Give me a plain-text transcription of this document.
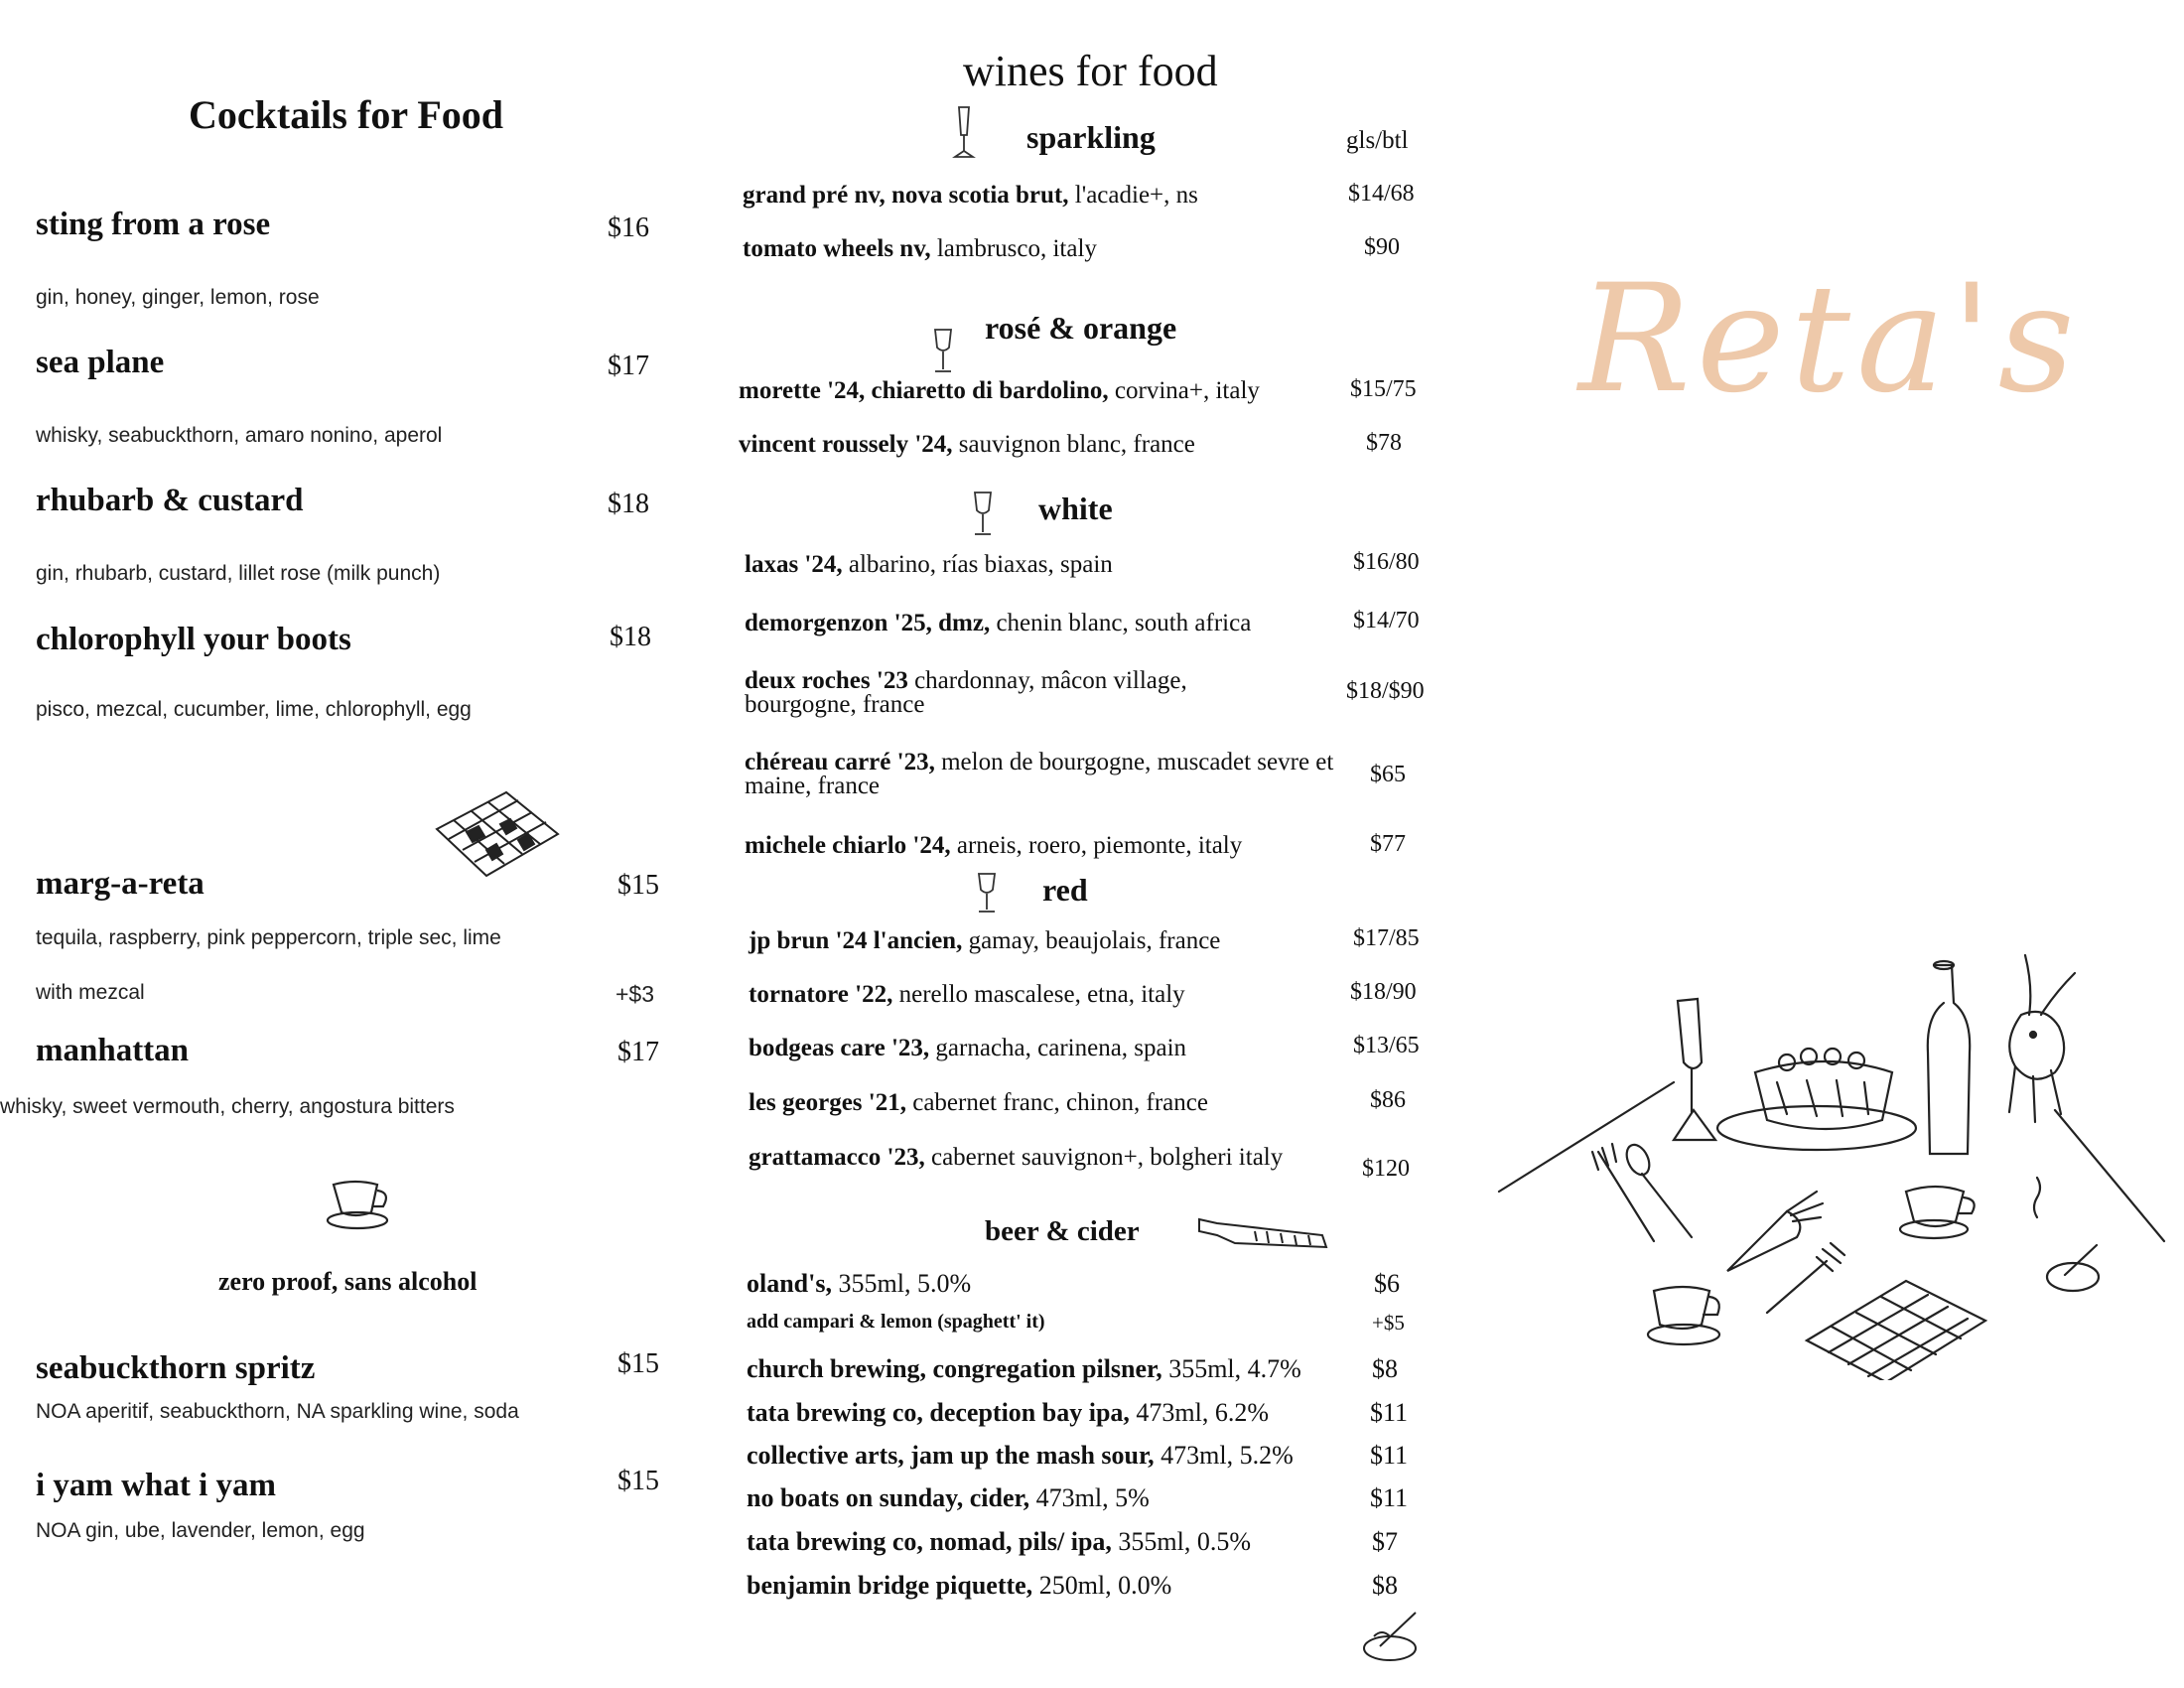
Cocktails for Food
sting from a rose	$16
gin, honey, ginger, lemon, rose
sea plane	$17
whisky, seabuckthorn, amaro nonino, aperol
rhubarb & custard	$18
gin, rhubarb, custard, lillet rose (milk punch)
chlorophyll your boots	$18
pisco, mezcal, cucumber, lime, chlorophyll, egg
marg-a-reta	$15
tequila, raspberry, pink peppercorn, triple sec, lime
with mezcal	+$3
manhattan	$17
whisky, sweet vermouth, cherry, angostura bitters
zero proof, sans alcohol
seabuckthorn spritz	$15
NOA aperitif, seabuckthorn, NA sparkling wine, soda
i yam what i yam	$15
NOA gin, ube, lavender, lemon, egg
wines for food
sparkling	gls/btl
grand pré nv, nova scotia brut, l'acadie+, ns	$14/68
tomato wheels nv, lambrusco, italy	$90
rosé & orange
morette '24, chiaretto di bardolino, corvina+, italy	$15/75
vincent roussely '24, sauvignon blanc, france	$78
white
laxas '24, albarino, rías biaxas, spain	$16/80
demorgenzon '25, dmz, chenin blanc, south africa	$14/70
deux roches '23 chardonnay, mâcon village, bourgogne, france	$18/$90
chéreau carré '23, melon de bourgogne, muscadet sevre et maine, france	$65
michele chiarlo '24, arneis, roero, piemonte, italy	$77
red
jp brun '24 l'ancien, gamay, beaujolais, france	$17/85
tornatore '22, nerello mascalese, etna, italy	$18/90
bodgeas care '23, garnacha, carinena, spain	$13/65
les georges '21, cabernet franc, chinon, france	$86
grattamacco '23, cabernet sauvignon+, bolgheri italy	$120
beer & cider
oland's, 355ml, 5.0%	$6
add campari & lemon (spaghett' it)	+$5
church brewing, congregation pilsner, 355ml, 4.7%	$8
tata brewing co, deception bay ipa, 473ml, 6.2%	$11
collective arts, jam up the mash sour, 473ml, 5.2%	$11
no boats on sunday, cider, 473ml, 5%	$11
tata brewing co, nomad, pils/ ipa, 355ml, 0.5%	$7
benjamin bridge piquette, 250ml, 0.0%	$8
Reta's
